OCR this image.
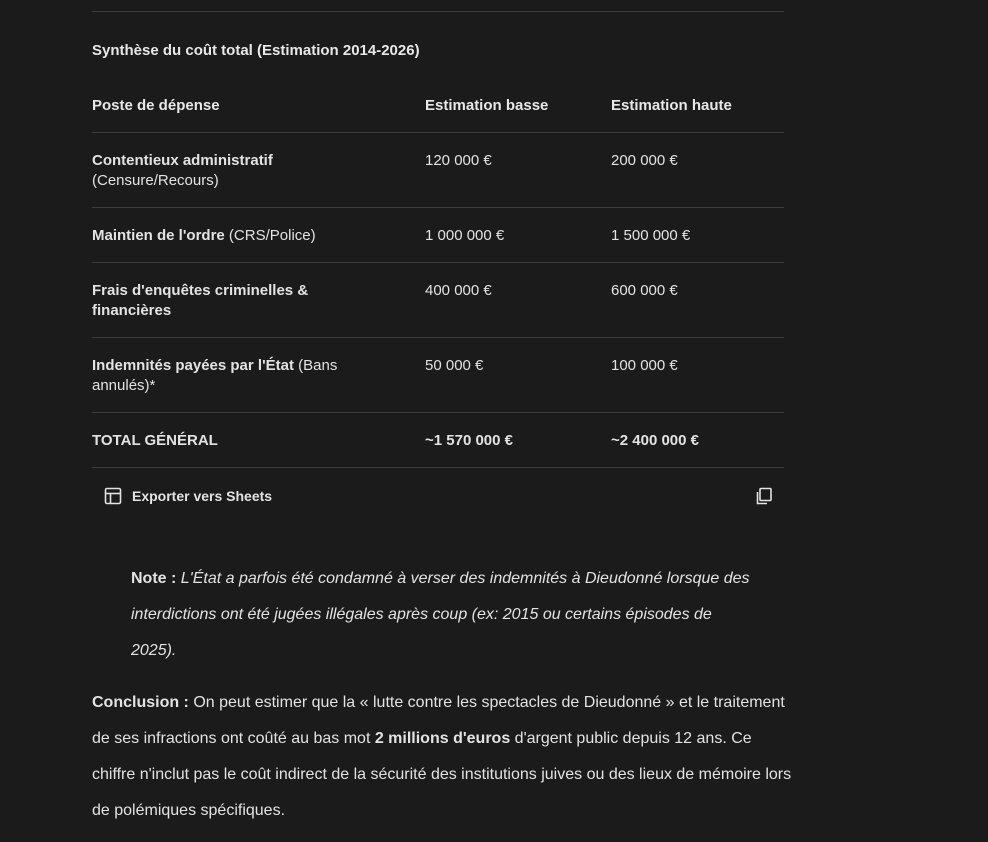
Synthèse du coût total (Estimation 2014-2026)
Poste de dépense	Estimation basse	Estimation haute
Contentieux administratif
(Censure/Recours)	120 000 €	200 000 €
Maintien de l'ordre (CRS/Police)	1 000 000 €	1 500 000 €
Frais d'enquêtes criminelles & financières	400 000 €	600 000 €

Indemnités payées par l'État (Bans annulés)*	50 000 €	100 000 €
TOTAL GÉNÉRAL	~1 570 000 €	~2 400 000 €
Exporter vers Sheets
Note : L'État a parfois été condamné à verser des indemnités à Dieudonné lorsque des interdictions ont été jugées illégales après coup (ex: 2015 ou certains épisodes de 2025).
Conclusion : On peut estimer que la « lutte contre les spectacles de Dieudonné » et le traitement de ses infractions ont coûté au bas mot 2 millions d'euros d'argent public depuis 12 ans. Ce chiffre n'inclut pas le coût indirect de la sécurité des institutions juives ou des lieux de mémoire lors de polémiques spécifiques.
